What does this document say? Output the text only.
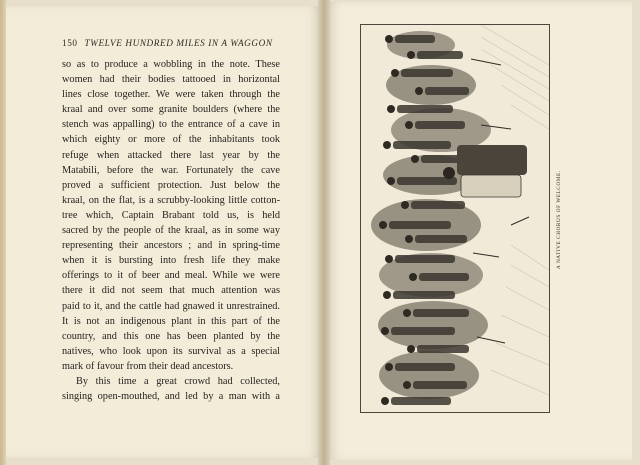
150 TWELVE HUNDRED MILES IN A WAGGON
so as to produce a wobbling in the note. These
women had their bodies tattooed in horizontal
lines close together. We were taken through the
kraal and over some granite boulders (where the
stench was appalling) to the entrance of a cave in
which eighty or more of the inhabitants took
refuge when attacked there last year by the
Matabili, before the war. Fortunately the cave
proved a sufficient protection. Just below the
kraal, on the flat, is a scrubby-looking little cotton-
tree which, Captain Brabant told us, is held
sacred by the people of the kraal, as in some way
representing their ancestors ; and in spring-time
when it is bursting into fresh life they make
offerings to it of beer and meal. While we were
there it did not seem that much attention was
paid to it, and the cattle had gnawed it unrestrained.
It is not an indigenous plant in this part of the
country, and this one has been planted by the
natives, who look upon its survival as a special
mark of favour from their dead ancestors.
By this time a great crowd had collected,
singing open-mouthed, and led by a man with a
A NATIVE CHORUS OF WELCOME.
